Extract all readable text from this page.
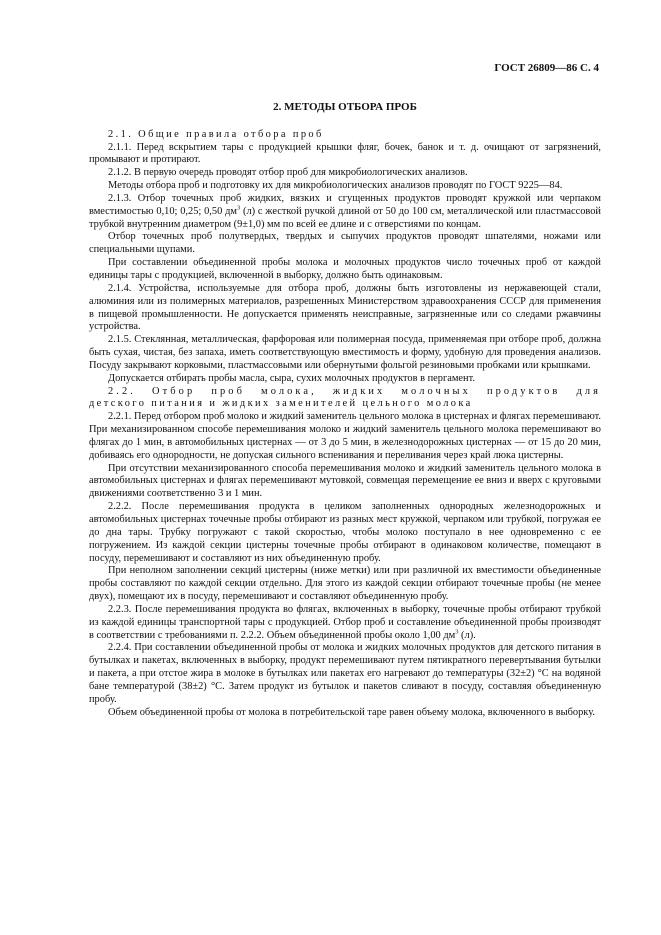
ГОСТ 26809—86 С. 4
2. МЕТОДЫ ОТБОРА ПРОБ

2.1. Общие правила отбора проб

2.1.1. Перед вскрытием тары с продукцией крышки фляг, бочек, банок и т. д. очищают от загрязнений, промывают и протирают.

2.1.2. В первую очередь проводят отбор проб для микробиологических анализов.

Методы отбора проб и подготовку их для микробиологических анализов проводят по ГОСТ 9225—84.

2.1.3. Отбор точечных проб жидких, вязких и сгущенных продуктов проводят кружкой или черпаком вместимостью 0,10; 0,25; 0,50 $дм^3$ (л) с жесткой ручкой длиной от 50 до 100 см, металлической или пластмассовой трубкой внутренним диаметром (9±1,0) мм по всей ее длине и с отверстиями по концам.

Отбор точечных проб полутвердых, твердых и сыпучих продуктов проводят шпателями, ножами или специальными щупами.

При составлении объединенной пробы молока и молочных продуктов число точечных проб от каждой единицы тары с продукцией, включенной в выборку, должно быть одинаковым.

2.1.4. Устройства, используемые для отбора проб, должны быть изготовлены из нержавеющей стали, алюминия или из полимерных материалов, разрешенных Министерством здравоохранения СССР для применения в пищевой промышленности. Не допускается применять неисправные, загрязненные или со следами ржавчины устройства.

2.1.5. Стеклянная, металлическая, фарфоровая или полимерная посуда, применяемая при отборе проб, должна быть сухая, чистая, без запаха, иметь соответствующую вместимость и форму, удобную для проведения анализов. Посуду закрывают корковыми, пластмассовыми или обернутыми фольгой резиновыми пробками или крышками.

Допускается отбирать пробы масла, сыра, сухих молочных продуктов в пергамент.

2.2. Отбор проб молока, жидких молочных продуктов для

детского питания и жидких заменителей цельного молока

2.2.1. Перед отбором проб молоко и жидкий заменитель цельного молока в цистернах и флягах перемешивают. При механизированном способе перемешивания молоко и жидкий заменитель цельного молока перемешивают во флягах до 1 мин, в автомобильных цистернах — от 3 до 5 мин, в железнодорожных цистернах — от 15 до 20 мин, добиваясь его однородности, не допуская сильного вспенивания и переливания через край люка цистерны.

При отсутствии механизированного способа перемешивания молоко и жидкий заменитель цельного молока в автомобильных цистернах и флягах перемешивают мутовкой, совмещая перемещение ее вниз и вверх с круговыми движениями соответственно 3 и 1 мин.

2.2.2. После перемешивания продукта в целиком заполненных однородных железнодорожных и автомобильных цистернах точечные пробы отбирают из разных мест кружкой, черпаком или трубкой, погружая ее до дна тары. Трубку погружают с такой скоростью, чтобы молоко поступало в нее одновременно с ее погружением. Из каждой секции цистерны точечные пробы отбирают в одинаковом количестве, помещают в посуду, перемешивают и составляют из них объединенную пробу.

При неполном заполнении секций цистерны (ниже метки) или при различной их вместимости объединенные пробы составляют по каждой секции отдельно. Для этого из каждой секции отбирают точечные пробы (не менее двух), помещают их в посуду, перемешивают и составляют объединенную пробу.

2.2.3. После перемешивания продукта во флягах, включенных в выборку, точечные пробы отбирают трубкой из каждой единицы транспортной тары с продукцией. Отбор проб и составление объединенной пробы производят в соответствии с требованиями п. 2.2.2. Объем объединенной пробы около 1,00 $дм^3$ (л).

2.2.4. При составлении объединенной пробы от молока и жидких молочных продуктов для детского питания в бутылках и пакетах, включенных в выборку, продукт перемешивают путем пятикратного перевертывания бутылки и пакета, а при отстое жира в молоке в бутылках или пакетах его нагревают до температуры (32±2) °С на водяной бане температурой (38±2) °С. Затем продукт из бутылок и пакетов сливают в посуду, составляя объединенную пробу.

Объем объединенной пробы от молока в потребительской таре равен объему молока, включенного в выборку.
